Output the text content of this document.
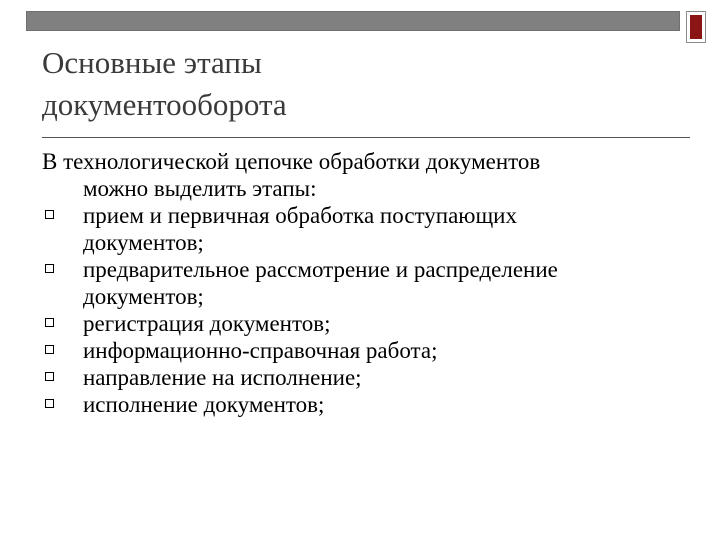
Основные этапы
документооборота
В технологической цепочке обработки документов
можно выделить этапы:
прием и первичная обработка поступающих
документов;
предварительное рассмотрение и распределение
документов;
регистрация документов;
информационно-справочная работа;
направление на исполнение;
исполнение документов;
